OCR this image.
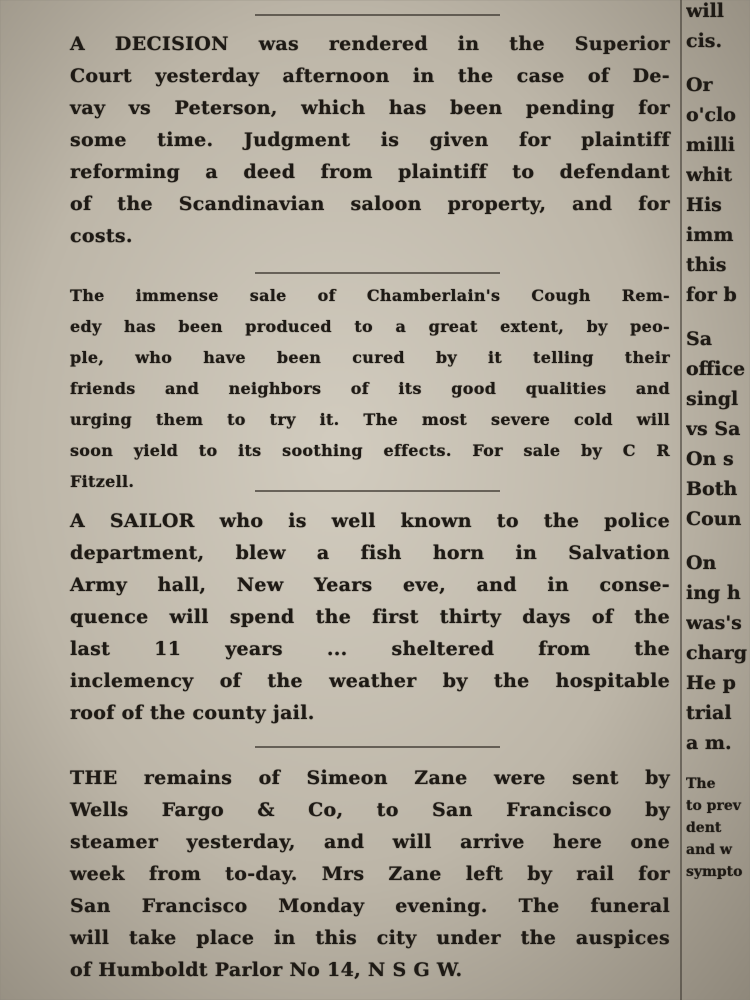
A DECISION was rendered in the Superior
Court yesterday afternoon in the case of De-
vay vs Peterson, which has been pending for
some time. Judgment is given for plaintiff
reforming a deed from plaintiff to defendant
of the Scandinavian saloon property, and for
costs.
The immense sale of Chamberlain's Cough Rem-
edy has been produced to a great extent, by peo-
ple, who have been cured by it telling their
friends and neighbors of its good qualities and
urging them to try it. The most severe cold will
soon yield to its soothing effects. For sale by C R
Fitzell.
A SAILOR who is well known to the police
department, blew a fish horn in Salvation
Army hall, New Years eve, and in conse-
quence will spend the first thirty days of the
last 11 years ... sheltered from the
inclemency of the weather by the hospitable
roof of the county jail.
THE remains of Simeon Zane were sent by
Wells Fargo & Co, to San Francisco by
steamer yesterday, and will arrive here one
week from to-day. Mrs Zane left by rail for
San Francisco Monday evening. The funeral
will take place in this city under the auspices
of Humboldt Parlor No 14, N S G W.
will
cis.
Or
o'clo
milli
whit
His
imm
this
for b
Sa
office
singl
vs Sa
On s
Both
Coun
On
ing h
was's
charg
He p
trial
a m.
The
to prev
dent
and w
sympto
